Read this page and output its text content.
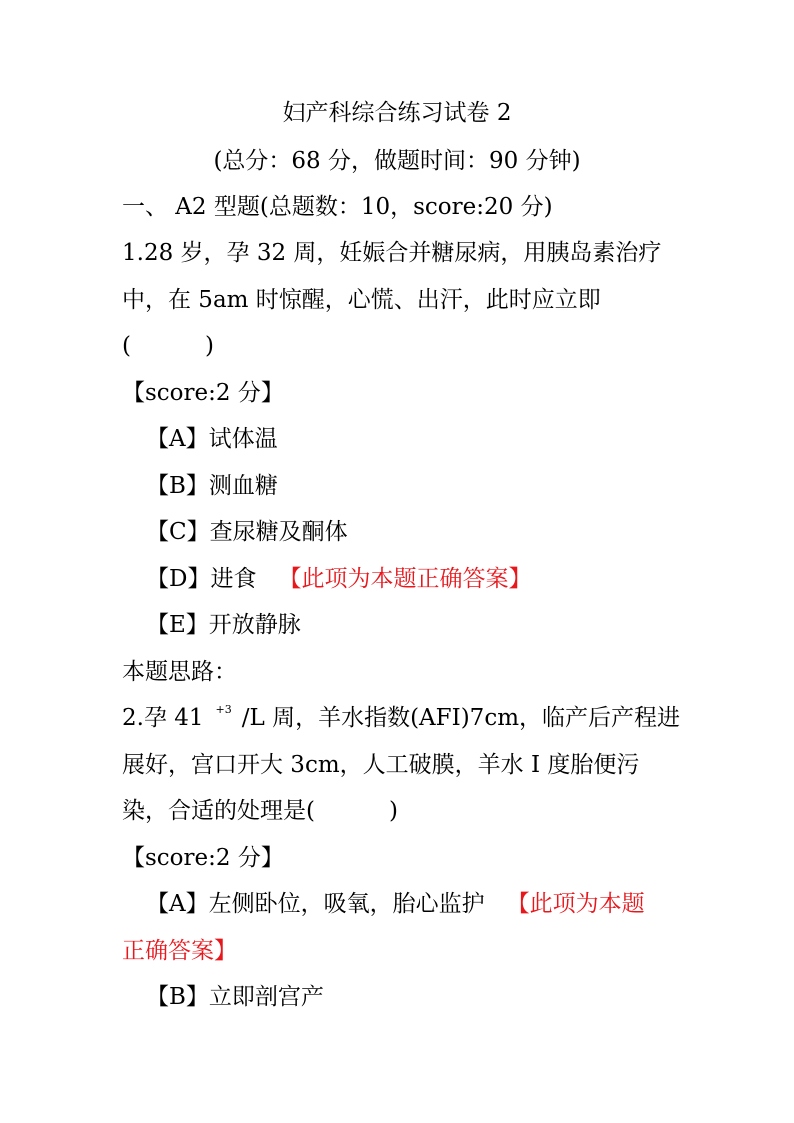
妇产科综合练习试卷 2
(总分：68 分，做题时间：90 分钟)
一、 A2 型题(总题数：10，score:20 分)
1.28 岁，孕 32 周，妊娠合并糖尿病，用胰岛素治疗
中，在 5am 时惊醒，心慌、出汗，此时应立即
(	)
【score:2 分】
【A】试体温
【B】测血糖
【C】查尿糖及酮体
【D】进食 【此项为本题正确答案】
【E】开放静脉
本题思路：
2.孕 41 $^{+3}$ /L 周，羊水指数(AFI)7cm，临产后产程进
展好，宫口开大 3cm，人工破膜，羊水 I 度胎便污
染，合适的处理是(	)
【score:2 分】
【A】左侧卧位，吸氧，胎心监护 【此项为本题
正确答案】
【B】立即剖宫产
